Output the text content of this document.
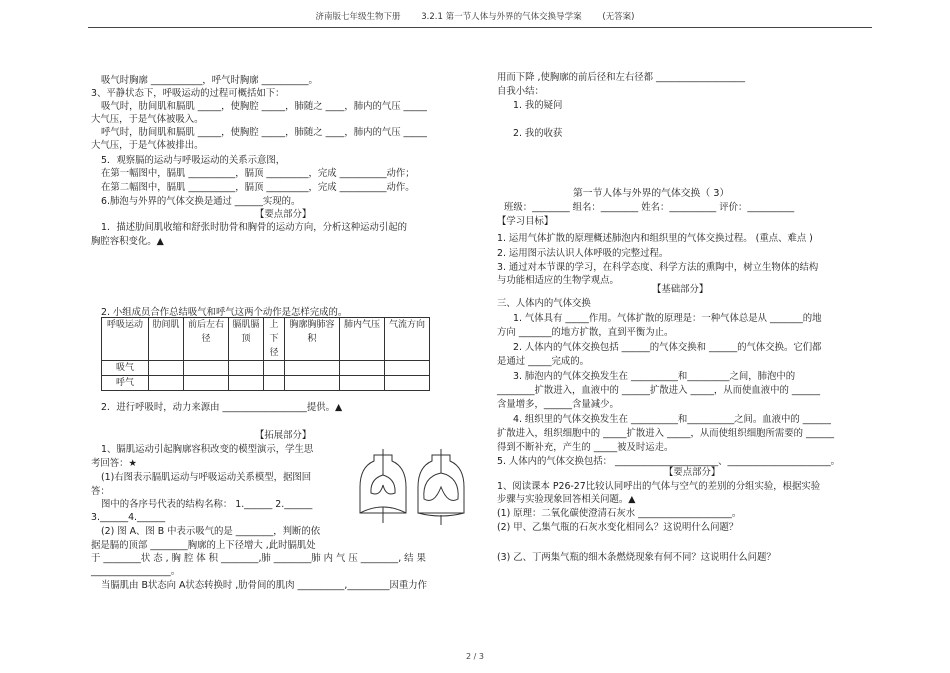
济南版七年级生物下册 3.2.1 第一节人体与外界的气体交换导学案 (无答案)
吸气时胸廓 ___________，呼气时胸廓 __________。
3、平静状态下，呼吸运动的过程可概括如下：
吸气时，肋间肌和膈肌 _____，使胸腔 _____，肺随之 ____，肺内的气压 _____
大气压，于是气体被吸入。
呼气时，肋间肌和膈肌 _____，使胸腔 _____，肺随之 ____，肺内的气压 _____
大气压，于是气体被排出。
5．观察膈的运动与呼吸运动的关系示意图，
在第一幅图中，膈肌 __________，膈顶 _________，完成 __________动作；
在第二幅图中，膈肌 __________，膈顶 _________，完成 __________动作。
6.肺泡与外界的气体交换是通过 ______实现的。
【要点部分】
1．描述肋间肌收缩和舒张时肋骨和胸骨的运动方向，分析这种运动引起的
胸腔容积变化。▲
2. 小组成员合作总结吸气和呼气这两个动作是怎样完成的。
呼吸运动	肋间肌	前后左右径	膈肌膈顶	上下径	胸廓胸肺容积	肺内气压	气流方向
吸气							
呼气							
2．进行呼吸时，动力来源由 __________________提供。▲
【拓展部分】
1、膈肌运动引起胸廓容积改变的模型演示，学生思
考回答：★
(1)右图表示膈肌运动与呼吸运动关系模型，据图回
答：
图中的各序号代表的结构名称： 1.______ 2.______
3.______4.______
(2) 图 A、图 B 中表示吸气的是 ________，判断的依
据是膈的顶部 ________胸廓的上下径增大 ,此时膈肌处
于 ________状 态 , 胸 腔 体 积 ________,肺 ________肺 内 气 压 ________, 结 果
_________________。
当膈肌由 B状态向 A状态转换时 ,肋骨间的肌肉 __________,_________因重力作
用而下降 ,使胸廓的前后径和左右径都 ___________________
自我小结：
1. 我的疑问
2. 我的收获
第一节人体与外界的气体交换（ 3）
班级：________ 组名：________ 姓名：__________ 评价：__________
【学习目标】
1. 运用气体扩散的原理概述肺泡内和组织里的气体交换过程。 (重点、难点 )
2. 运用图示法认识人体呼吸的完整过程。
3. 通过对本节课的学习，在科学态度、科学方法的熏陶中，树立生物体的结构
与功能相适应的生物学观点。
【基础部分】
三、人体内的气体交换
1. 气体具有 _____作用。气体扩散的原理是：一种气体总是从 _______的地
方向 _______的地方扩散，直到平衡为止。
2. 人体内的气体交换包括 ______的气体交换和 ______的气体交换。它们都
是通过 _____完成的。
3. 肺泡内的气体交换发生在 __________和_________之间，肺泡中的
________扩散进入，血液中的 ______扩散进入 _____，从而使血液中的 ______
含量增多，______含量减少。
4. 组织里的气体交换发生在 __________和__________之间。血液中的 ______
扩散进入，组织细胞中的 _____扩散进入 _____，从而使组织细胞所需要的 ______
得到不断补充，产生的 _____被及时运走。
5. 人体内的气体交换包括： ______________________、______________________。
【要点部分】
1、阅读课本 P26-27比较认同呼出的气体与空气的差别的分组实验，根据实验
步骤与实验现象回答相关问题。▲
(1) 原理：二氧化碳使澄清石灰水 ____________________。
(2) 甲、乙集气瓶的石灰水变化相同么？这说明什么问题？
(3) 乙、丁两集气瓶的细木条燃烧现象有何不同？这说明什么问题？
2 / 3
